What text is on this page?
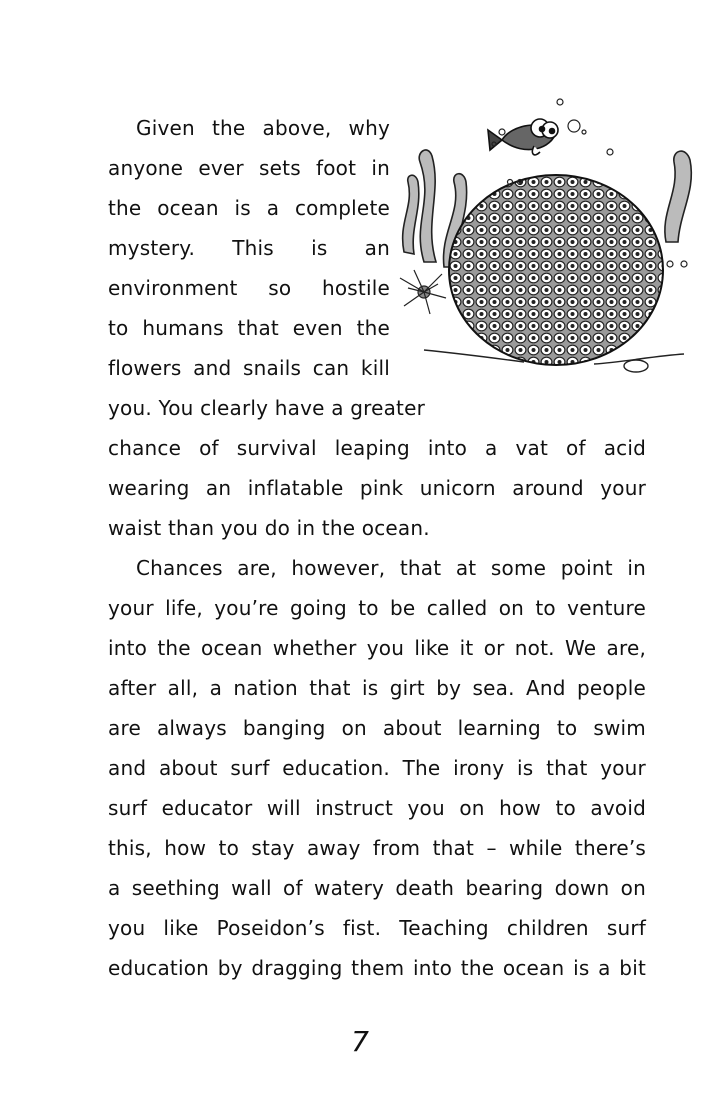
Given the above, why
anyone ever sets foot in
the ocean is a complete
mystery. This is an
environment so hostile
to humans that even the
flowers and snails can kill
you. You clearly have a greater
chance of survival leaping into a vat of acid
wearing an inflatable pink unicorn around your
waist than you do in the ocean.
Chances are, however, that at some point in
your life, you’re going to be called on to venture
into the ocean whether you like it or not. We are,
after all, a nation that is girt by sea. And people
are always banging on about learning to swim
and about surf education. The irony is that your
surf educator will instruct you on how to avoid
this, how to stay away from that – while there’s
a seething wall of watery death bearing down on
you like Poseidon’s fist. Teaching children surf
education by dragging them into the ocean is a bit
7
